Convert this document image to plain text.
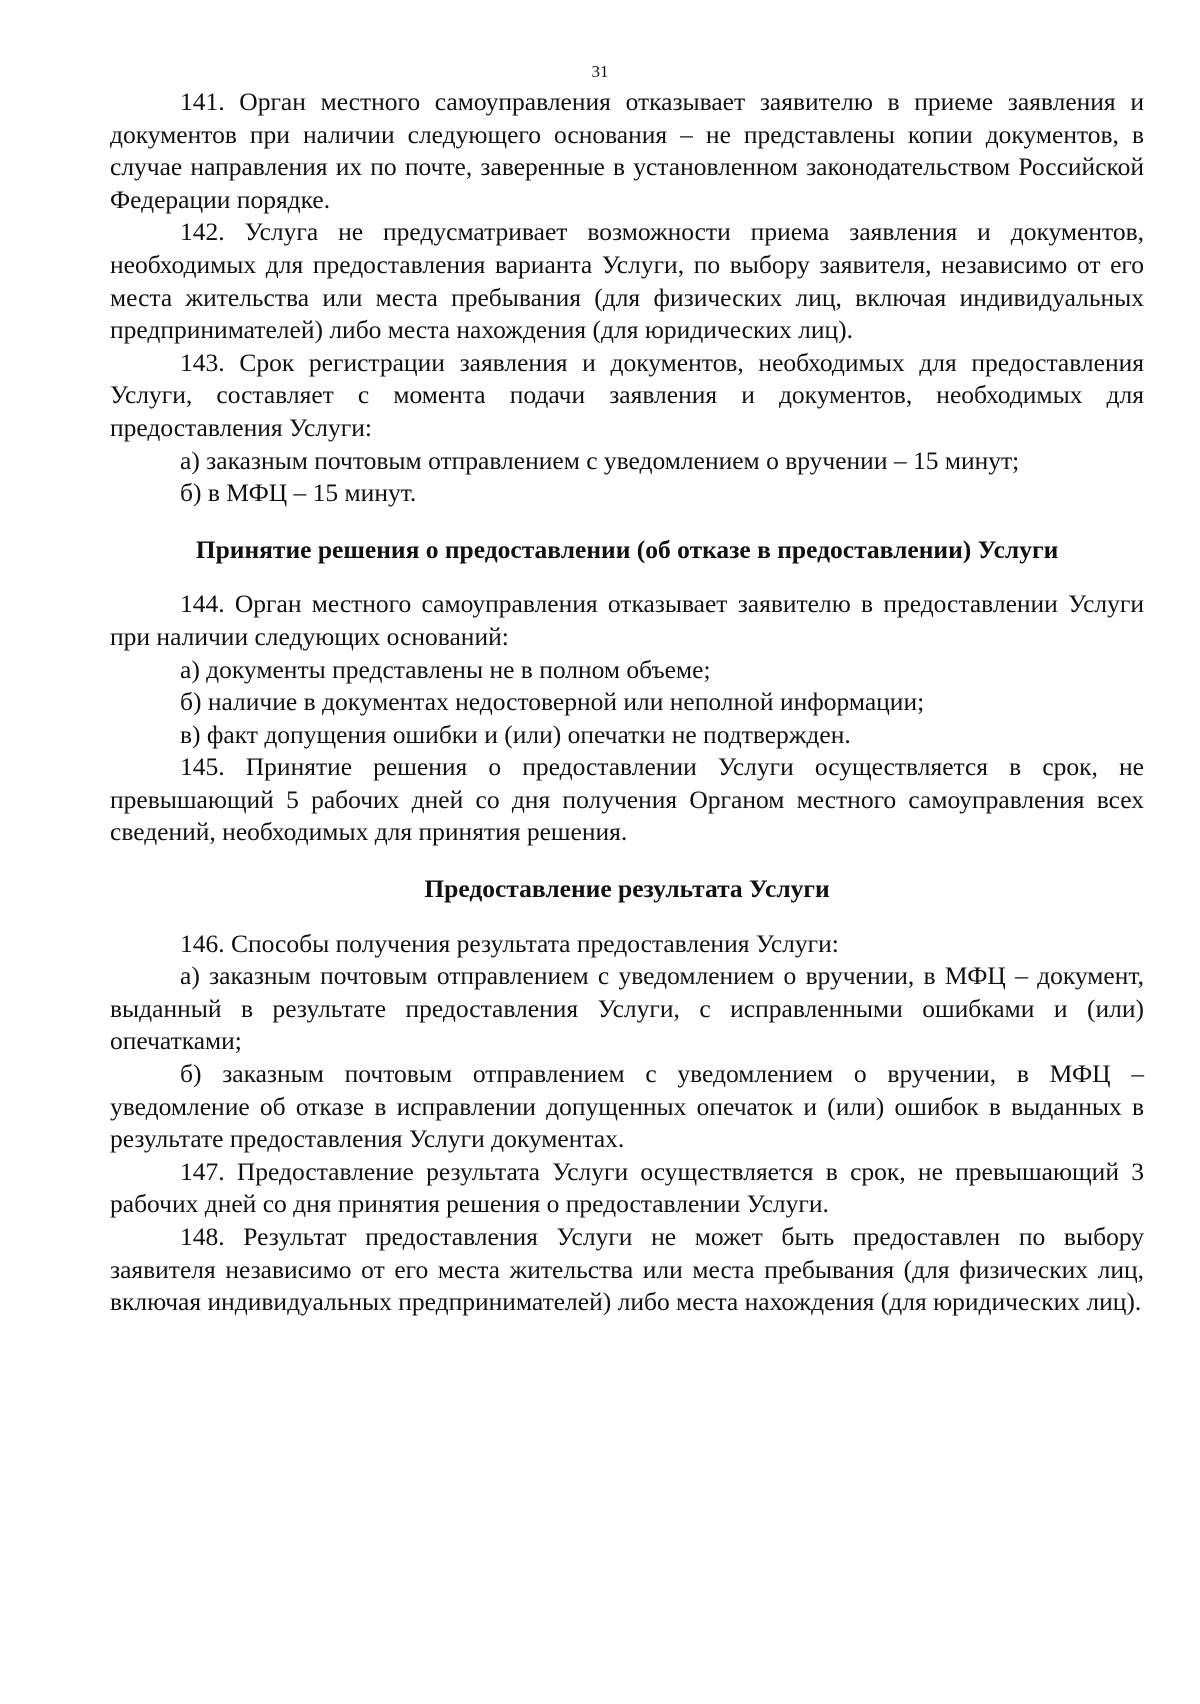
31

141. Орган местного самоуправления отказывает заявителю в приеме заявления и документов при наличии следующего основания – не представлены копии документов, в случае направления их по почте, заверенные в установленном законодательством Российской Федерации порядке.

142. Услуга не предусматривает возможности приема заявления и документов, необходимых для предоставления варианта Услуги, по выбору заявителя, независимо от его места жительства или места пребывания (для физических лиц, включая индивидуальных предпринимателей) либо места нахождения (для юридических лиц).

143. Срок регистрации заявления и документов, необходимых для предоставления Услуги, составляет с момента подачи заявления и документов, необходимых для предоставления Услуги:

а) заказным почтовым отправлением с уведомлением о вручении – 15 минут;

б) в МФЦ – 15 минут.

Принятие решения о предоставлении (об отказе в предоставлении) Услуги

144. Орган местного самоуправления отказывает заявителю в предоставлении Услуги при наличии следующих оснований:

а) документы представлены не в полном объеме;

б) наличие в документах недостоверной или неполной информации;

в) факт допущения ошибки и (или) опечатки не подтвержден.

145. Принятие решения о предоставлении Услуги осуществляется в срок, не превышающий 5 рабочих дней со дня получения Органом местного самоуправления всех сведений, необходимых для принятия решения.

Предоставление результата Услуги

146. Способы получения результата предоставления Услуги:

а) заказным почтовым отправлением с уведомлением о вручении, в МФЦ – документ, выданный в результате предоставления Услуги, с исправленными ошибками и (или) опечатками;

б) заказным почтовым отправлением с уведомлением о вручении, в МФЦ – уведомление об отказе в исправлении допущенных опечаток и (или) ошибок в выданных в результате предоставления Услуги документах.

147. Предоставление результата Услуги осуществляется в срок, не превышающий 3 рабочих дней со дня принятия решения о предоставлении Услуги.

148. Результат предоставления Услуги не может быть предоставлен по выбору заявителя независимо от его места жительства или места пребывания (для физических лиц, включая индивидуальных предпринимателей) либо места нахождения (для юридических лиц).
